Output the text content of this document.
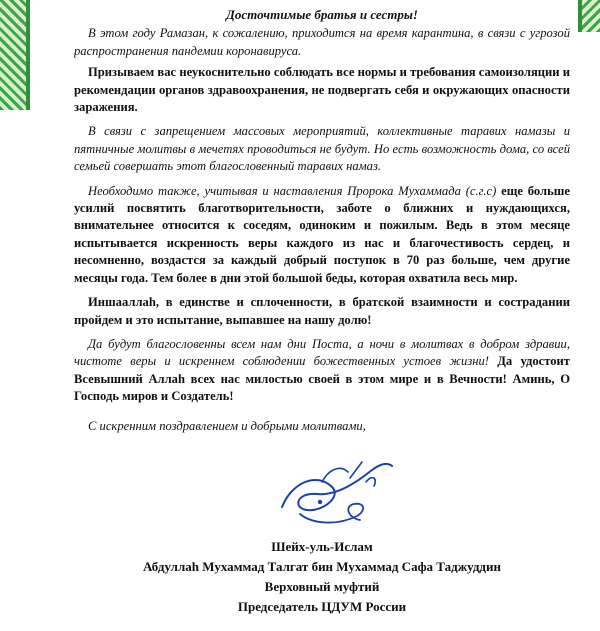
Досточтимые братья и сестры!

В этом году Рамазан, к сожалению, приходится на время карантина, в связи с угрозой распространения пандемии коронавируса.

Призываем вас неукоснительно соблюдать все нормы и требования самоизоляции и рекомендации органов здравоохранения, не подвергать себя и окружающих опасности заражения.

В связи с запрещением массовых мероприятий, коллективные таравих намазы и пятничные молитвы в мечетях проводиться не будут. Но есть возможность дома, со всей семьей совершать этот благословенный таравих намаз.

Необходимо также, учитывая и наставления Пророка Мухаммада (с.г.с) еще больше усилий посвятить благотворительности, заботе о ближних и нуждающихся, внимательнее относится к соседям, одиноким и пожилым. Ведь в этом месяце испытывается искренность веры каждого из нас и благочестивость сердец, и несомненно, воздастся за каждый добрый поступок в 70 раз больше, чем другие месяцы года. Тем более в дни этой большой беды, которая охватила весь мир.

Иншааллаһ, в единстве и сплоченности, в братской взаимности и сострадании пройдем и это испытание, выпавшее на нашу долю!

Да будут благословенны всем нам дни Поста, а ночи в молитвах в добром здравии, чистоте веры и искреннем соблюдении божественных устоев жизни! Да удостоит Всевышний Аллаһ всех нас милостью своей в этом мире и в Вечности! Аминь, О Господь миров и Создатель!

С искренним поздравлением и добрыми молитвами,

Шейх-уль-Ислам
Абдуллаһ Мухаммад Талгат бин Мухаммад Сафа Таджуддин
Верховный муфтий
Председатель ЦДУМ России
